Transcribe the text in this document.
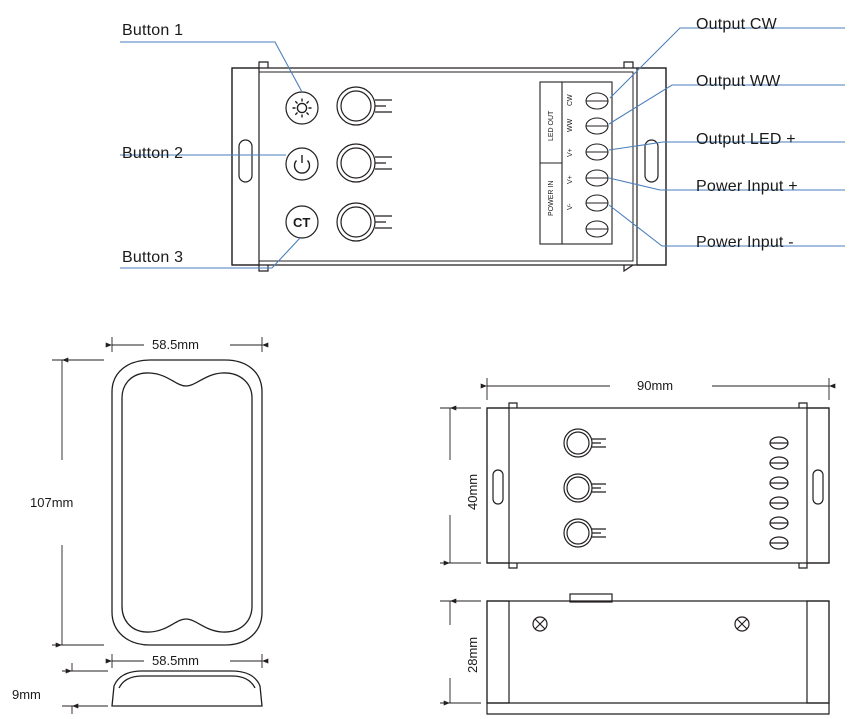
Button 1
Button 2
Button 3
Output CW
Output WW
Output LED +
Power Input +
Power Input -
CT
LED OUT
POWER IN
CW
WW
V+
V+
V-
58.5mm
107mm
58.5mm
9mm
90mm
40mm
28mm
